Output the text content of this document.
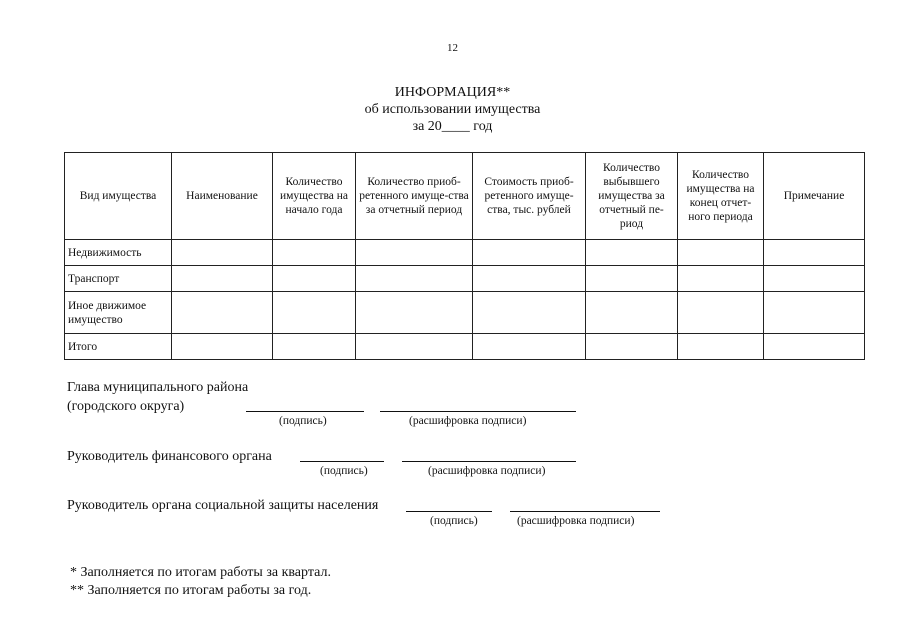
12
ИНФОРМАЦИЯ**
об использовании имущества
за 20____ год
Вид имущества	Наименование	Количество имущества на начало года	Количество приоб-ретенного имуще-ства за отчетный период	Стоимость приоб-ретенного имуще-ства, тыс. рублей	Количество выбывшего имущества за отчетный пе-риод	Количество имущества на конец отчет-ного периода	Примечание
Недвижимость							
Транспорт							
Иное движимое имущество							
Итого							
Глава муниципального района
(городского округа)
(подпись)	(расшифровка подписи)
Руководитель финансового органа
(подпись)	(расшифровка подписи)
Руководитель органа социальной защиты населения
(подпись)	(расшифровка подписи)
* Заполняется по итогам работы за квартал.
** Заполняется по итогам работы за год.
